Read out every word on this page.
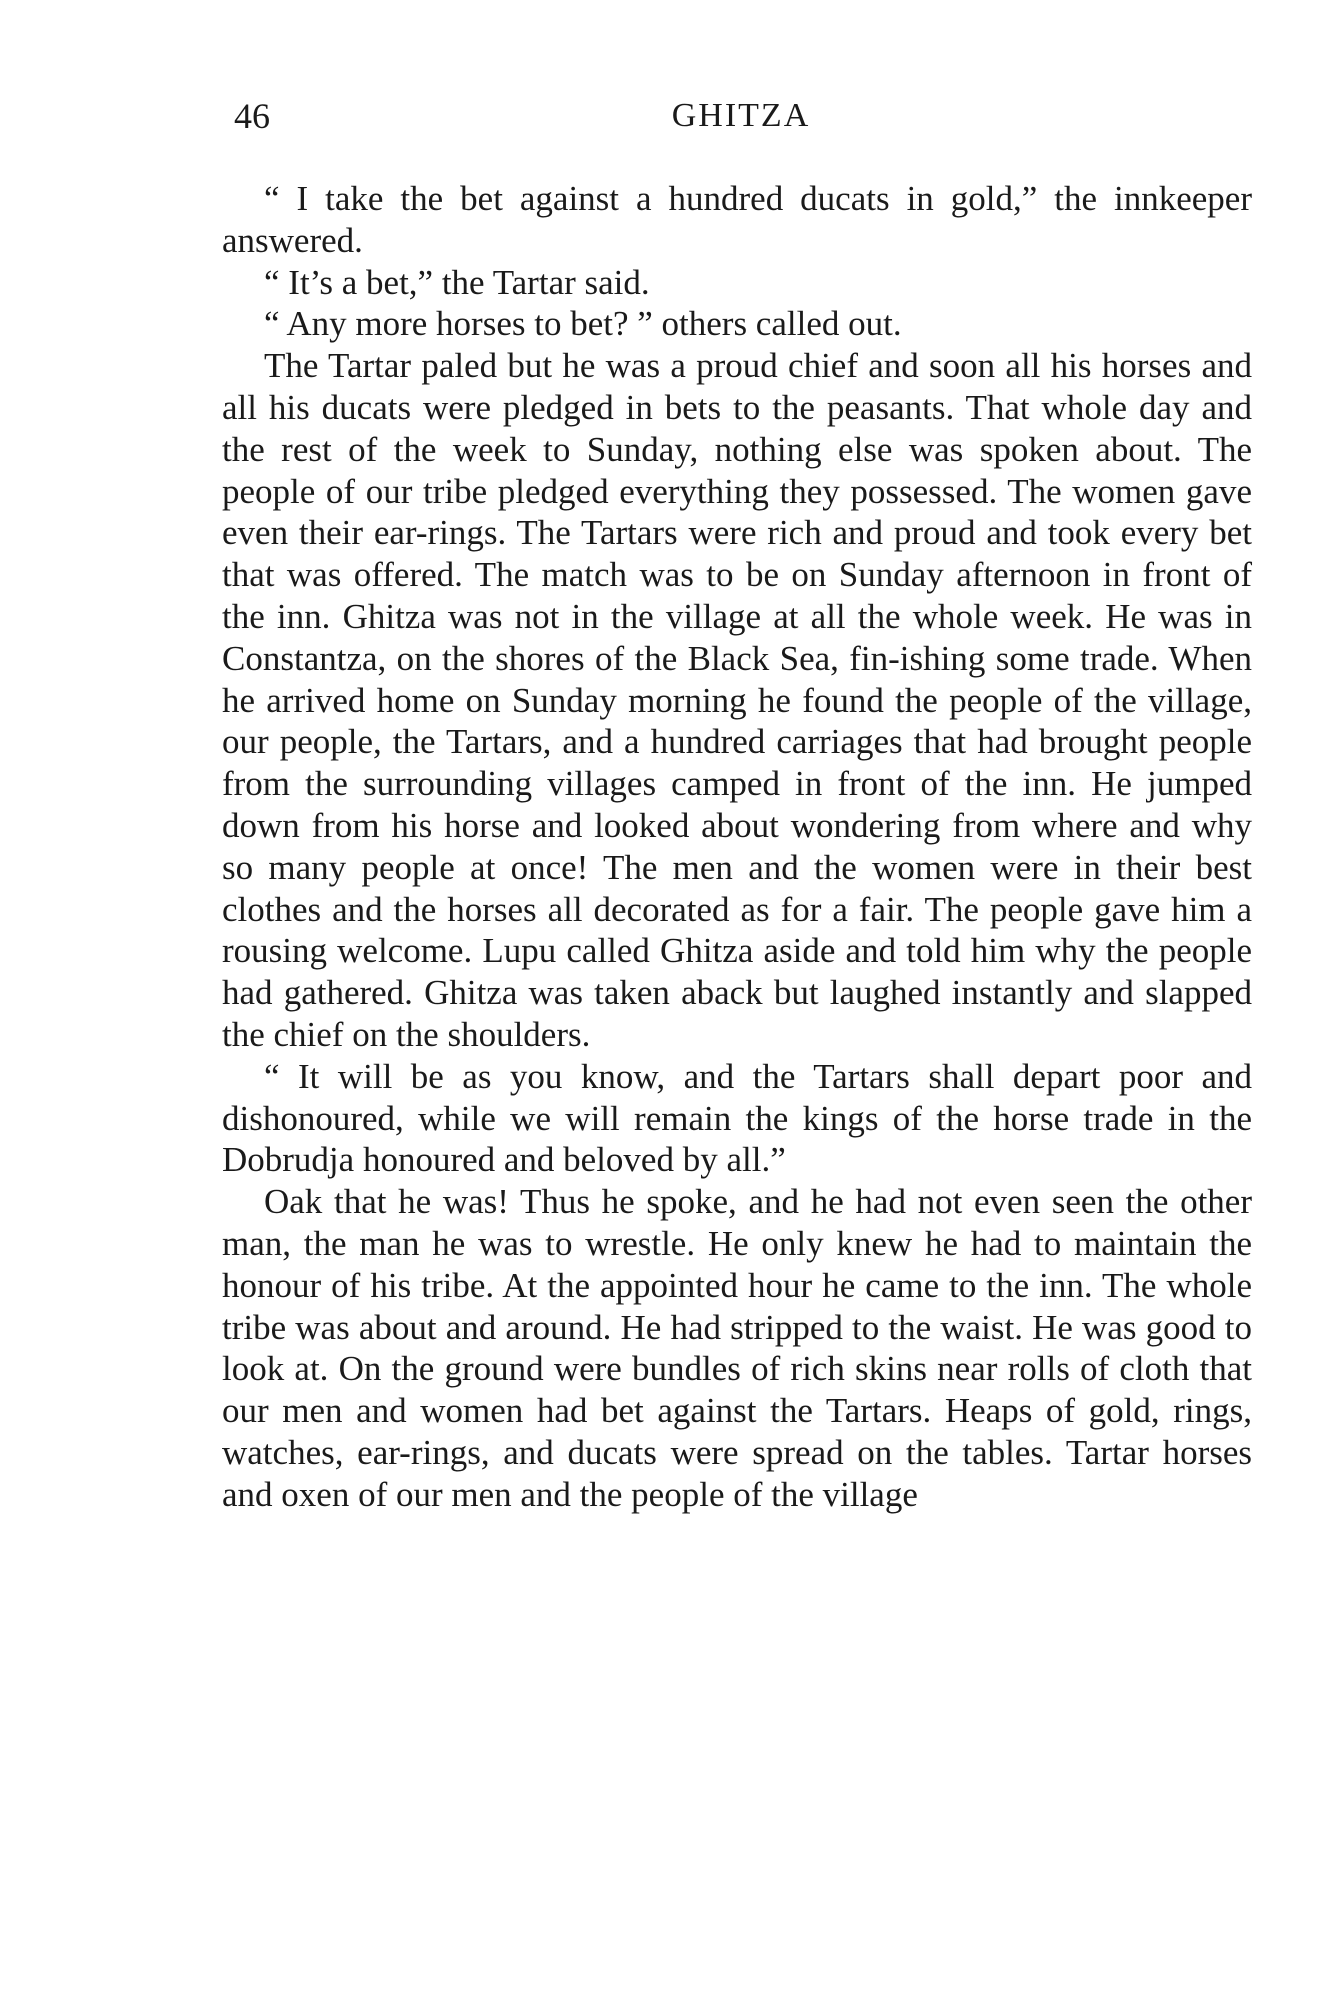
46	GHITZA

“ I take the bet against a hundred ducats in gold,” the innkeeper answered.

“ It’s a bet,” the Tartar said.

“ Any more horses to bet? ” others called out.

The Tartar paled but he was a proud chief and soon all his horses and all his ducats were pledged in bets to the peasants. That whole day and the rest of the week to Sunday, nothing else was spoken about. The people of our tribe pledged everything they possessed. The women gave even their ear-rings. The Tartars were rich and proud and took every bet that was offered. The match was to be on Sunday afternoon in front of the inn. Ghitza was not in the village at all the whole week. He was in Constantza, on the shores of the Black Sea, fin-ishing some trade. When he arrived home on Sunday morning he found the people of the village, our people, the Tartars, and a hundred carriages that had brought people from the surrounding villages camped in front of the inn. He jumped down from his horse and looked about wondering from where and why so many people at once! The men and the women were in their best clothes and the horses all decorated as for a fair. The people gave him a rousing welcome. Lupu called Ghitza aside and told him why the people had gathered. Ghitza was taken aback but laughed instantly and slapped the chief on the shoulders.

“ It will be as you know, and the Tartars shall depart poor and dishonoured, while we will remain the kings of the horse trade in the Dobrudja honoured and beloved by all.”

Oak that he was! Thus he spoke, and he had not even seen the other man, the man he was to wrestle. He only knew he had to maintain the honour of his tribe. At the appointed hour he came to the inn. The whole tribe was about and around. He had stripped to the waist. He was good to look at. On the ground were bundles of rich skins near rolls of cloth that our men and women had bet against the Tartars. Heaps of gold, rings, watches, ear-rings, and ducats were spread on the tables. Tartar horses and oxen of our men and the people of the village
